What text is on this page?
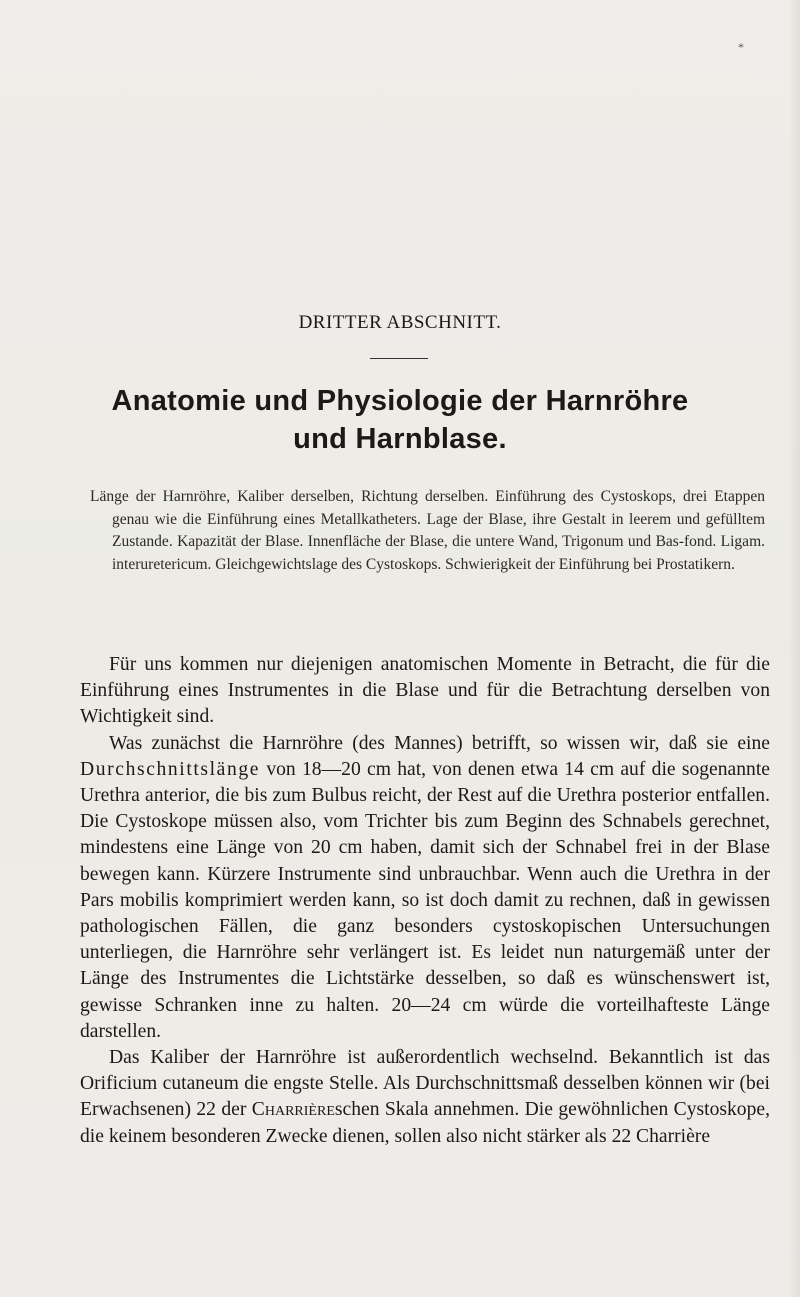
*
DRITTER ABSCHNITT.
Anatomie und Physiologie der Harnröhre
und Harnblase.

Länge der Harnröhre, Kaliber derselben, Richtung derselben. Einführung des Cystoskops, drei Etappen genau wie die Einführung eines Metallkatheters. Lage der Blase, ihre Gestalt in leerem und gefülltem Zustande. Kapazität der Blase. Innenfläche der Blase, die untere Wand, Trigonum und Bas-fond. Ligam. interuretericum. Gleichgewichtslage des Cystoskops. Schwierigkeit der Einführung bei Prostatikern.

Für uns kommen nur diejenigen anatomischen Momente in Betracht, die für die Einführung eines Instrumentes in die Blase und für die Betrachtung derselben von Wichtigkeit sind.

Was zunächst die Harnröhre (des Mannes) betrifft, so wissen wir, daß sie eine Durchschnittslänge von 18—20 cm hat, von denen etwa 14 cm auf die sogenannte Urethra anterior, die bis zum Bulbus reicht, der Rest auf die Urethra posterior entfallen. Die Cystoskope müssen also, vom Trichter bis zum Beginn des Schnabels gerechnet, mindestens eine Länge von 20 cm haben, damit sich der Schnabel frei in der Blase bewegen kann. Kürzere Instrumente sind unbrauchbar. Wenn auch die Urethra in der Pars mobilis komprimiert werden kann, so ist doch damit zu rechnen, daß in gewissen pathologischen Fällen, die ganz besonders cystoskopischen Untersuchungen unterliegen, die Harnröhre sehr verlängert ist. Es leidet nun naturgemäß unter der Länge des Instrumentes die Lichtstärke desselben, so daß es wünschenswert ist, gewisse Schranken inne zu halten. 20—24 cm würde die vorteilhafteste Länge darstellen.

Das Kaliber der Harnröhre ist außerordentlich wechselnd. Bekanntlich ist das Orificium cutaneum die engste Stelle. Als Durchschnittsmaß desselben können wir (bei Erwachsenen) 22 der Charrièreschen Skala annehmen. Die gewöhnlichen Cystoskope, die keinem besonderen Zwecke dienen, sollen also nicht stärker als 22 Charrière
